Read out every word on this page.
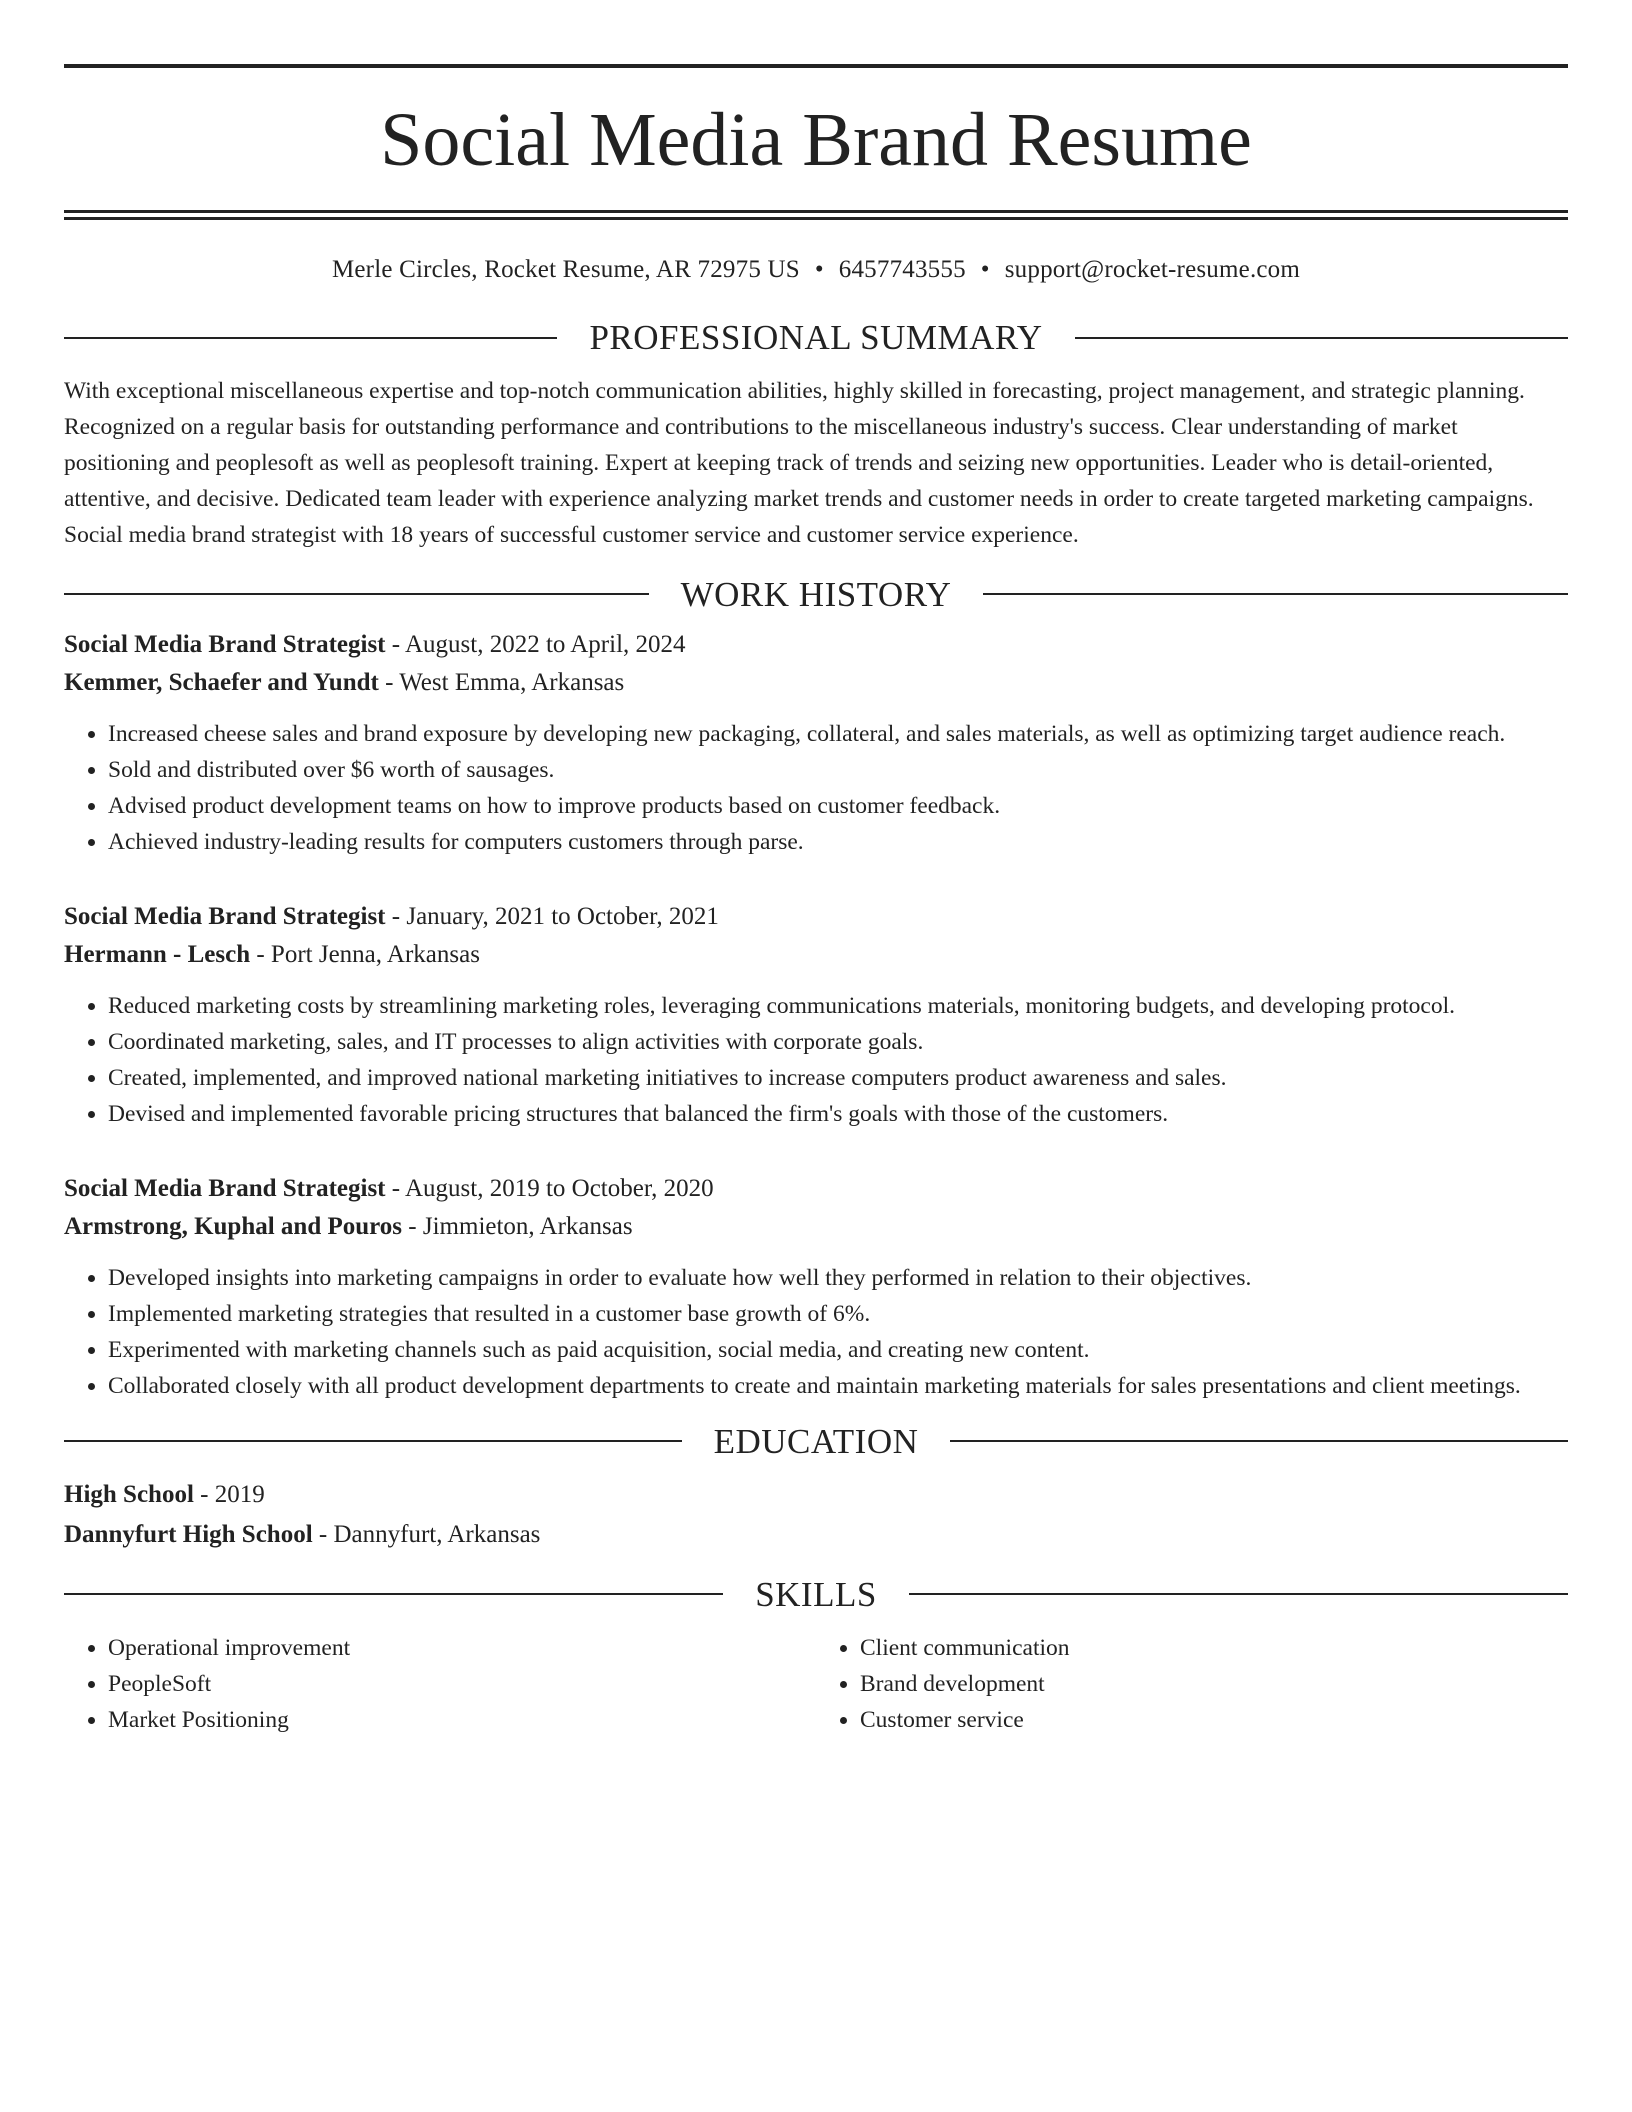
Social Media Brand Resume
Merle Circles, Rocket Resume, AR 72975 US • 6457743555 • support@rocket-resume.com
PROFESSIONAL SUMMARY

With exceptional miscellaneous expertise and top-notch communication abilities, highly skilled in forecasting, project management, and strategic planning. Recognized on a regular basis for outstanding performance and contributions to the miscellaneous industry's success. Clear understanding of market positioning and peoplesoft as well as peoplesoft training. Expert at keeping track of trends and seizing new opportunities. Leader who is detail-oriented, attentive, and decisive. Dedicated team leader with experience analyzing market trends and customer needs in order to create targeted marketing campaigns. Social media brand strategist with 18 years of successful customer service and customer service experience.

WORK HISTORY
Social Media Brand Strategist - August, 2022 to April, 2024
Kemmer, Schaefer and Yundt - West Emma, Arkansas
• Increased cheese sales and brand exposure by developing new packaging, collateral, and sales materials, as well as optimizing target audience reach.
• Sold and distributed over $6 worth of sausages.
• Advised product development teams on how to improve products based on customer feedback.
• Achieved industry-leading results for computers customers through parse.
Social Media Brand Strategist - January, 2021 to October, 2021
Hermann - Lesch - Port Jenna, Arkansas
• Reduced marketing costs by streamlining marketing roles, leveraging communications materials, monitoring budgets, and developing protocol.
• Coordinated marketing, sales, and IT processes to align activities with corporate goals.
• Created, implemented, and improved national marketing initiatives to increase computers product awareness and sales.
• Devised and implemented favorable pricing structures that balanced the firm's goals with those of the customers.
Social Media Brand Strategist - August, 2019 to October, 2020
Armstrong, Kuphal and Pouros - Jimmieton, Arkansas
• Developed insights into marketing campaigns in order to evaluate how well they performed in relation to their objectives.
• Implemented marketing strategies that resulted in a customer base growth of 6%.
• Experimented with marketing channels such as paid acquisition, social media, and creating new content.
• Collaborated closely with all product development departments to create and maintain marketing materials for sales presentations and client meetings.
EDUCATION
High School - 2019
Dannyfurt High School - Dannyfurt, Arkansas
SKILLS
• Operational improvement
• PeopleSoft
• Market Positioning
• Client communication
• Brand development
• Customer service
